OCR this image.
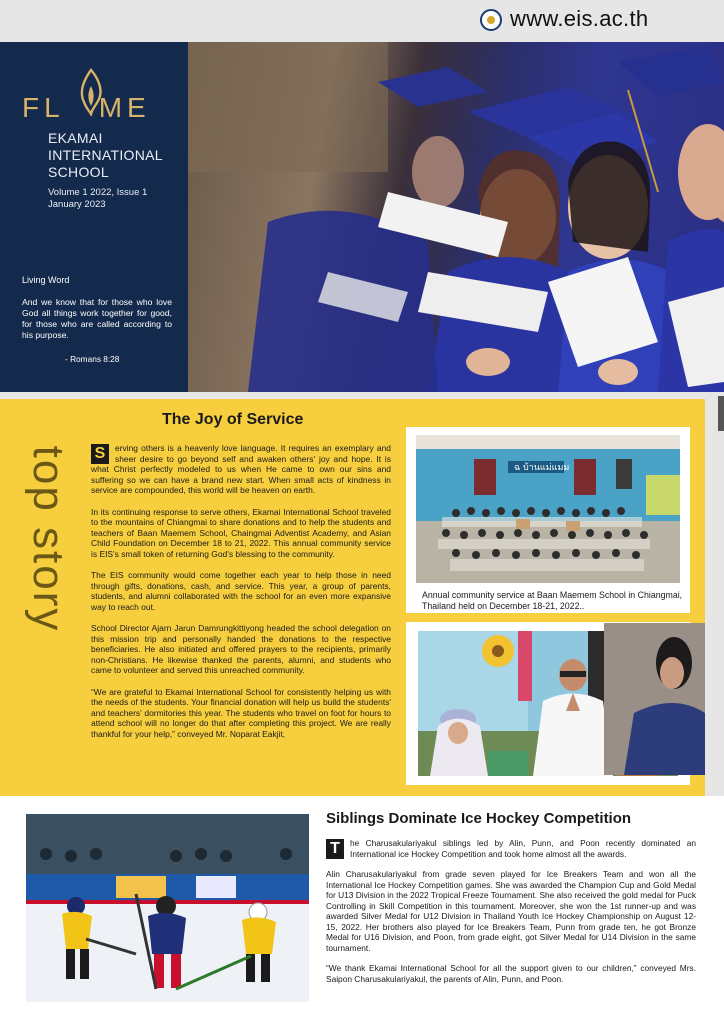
www.eis.ac.th
FL ME
EKAMAI INTERNATIONAL SCHOOL
Volume 1 2022, Issue 1
January 2023
Living Word
And we know that for those who love God all things work together for good, for those who are called according to his purpose.
- Romans 8:28
top story
The Joy of Service

S	erving others is a heavenly love language. It requires an exemplary and sheer desire to go beyond self and awaken others' joy and hope. It is what Christ perfectly modeled to us when He came to own our sins and suffering so we can have a brand new start. When small acts of kindness in service are compounded, this world will be heaven on earth.

In its continuing response to serve others, Ekamai International School traveled to the mountains of Chiangmai to share donations and to help the students and teachers of Baan Maemem School, Chaingmai Adventist Academy, and Asian Child Foundation on December 18 to 21, 2022. This annual community service is EIS's small token of returning God's blessing to the community.

The EIS community would come together each year to help those in need through gifts, donations, cash, and service. This year, a group of parents, students, and alumni collaborated with the school for an even more expansive way to reach out.

School Director Ajarn Jarun Damrungkittiyong headed the school delegation on this mission trip and personally handed the donations to the respective beneficiaries. He also initiated and offered prayers to the recipients, primarily non-Christians. He likewise thanked the parents, alumni, and students who came to volunteer and served this unreached community.

“We are grateful to Ekamai International School for consistently helping us with the needs of the students. Your financial donation will help us build the students' and teachers' dormitories this year. The students who travel on foot for hours to attend school will no longer do that after completing this project. We are really thankful for your help,” conveyed Mr. Noparat Eakjit,

ฉ บ้านแม่แมม
Annual community service at Baan Maemem School in Chiangmai, Thailand held on December 18-21, 2022..
Siblings Dominate Ice Hockey Competition

T	he Charusakulariyakul siblings led by Alin, Punn, and Poon recently dominated an International ice Hockey Competition and took home almost all the awards.

Alin Charusakulariyakul from grade seven played for Ice Breakers Team and won all the International Ice Hockey Competition games. She was awarded the Champion Cup and Gold Medal for U13 Division in the 2022 Tropical Freeze Tournament. She also received the gold medal for Puck Controlling in Skill Competition in this tournament. Moreover, she won the 1st runner-up and was awarded Silver Medal for U12 Division in Thailand Youth Ice Hockey Championship on August 12-15, 2022. Her brothers also played for Ice Breakers Team, Punn from grade ten, he got Bronze Medal for U16 Division, and Poon, from grade eight, got Silver Medal for U14 Division in the same tournament.

“We thank Ekamai International School for all the support given to our children,” conveyed Mrs. Saipon Charusakulariyakul, the parents of Alin, Punn, and Poon.
